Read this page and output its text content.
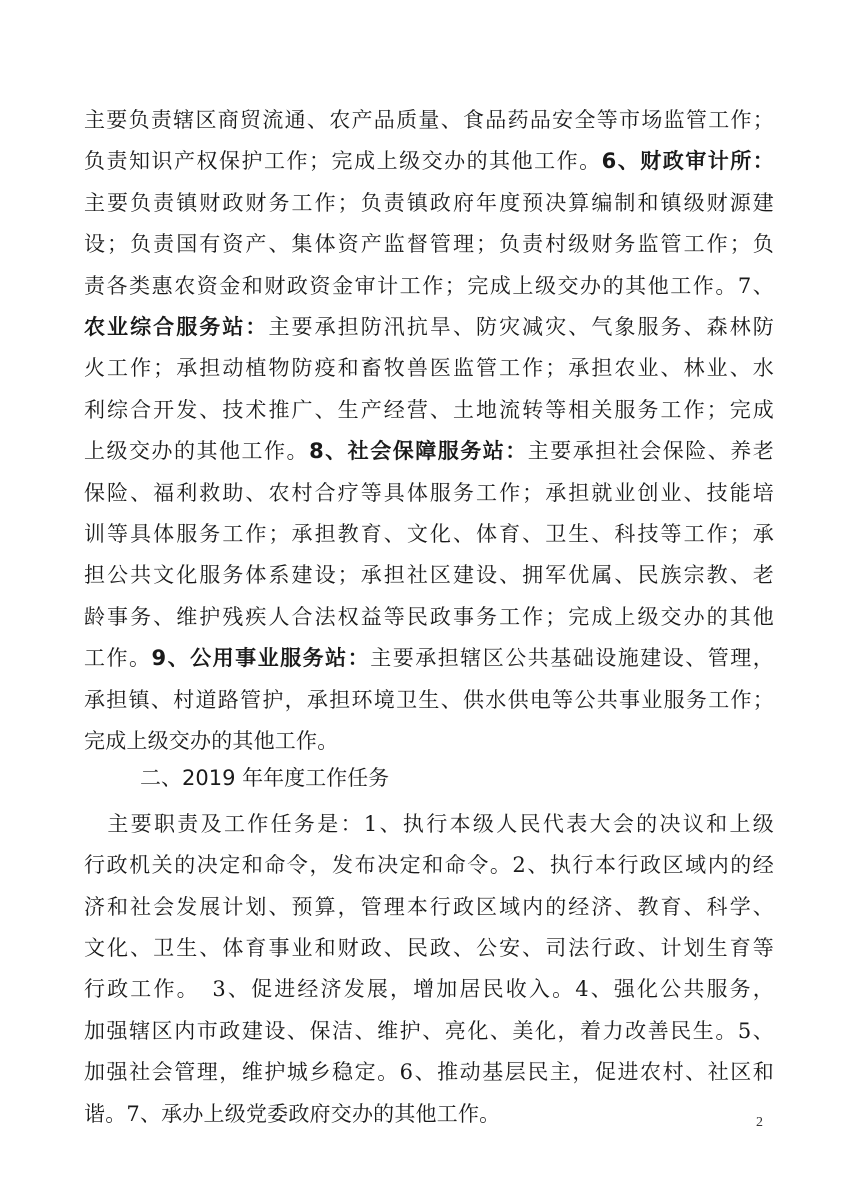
主要负责辖区商贸流通、农产品质量、食品药品安全等市场监管工作；
负责知识产权保护工作；完成上级交办的其他工作。6、财政审计所：
主要负责镇财政财务工作；负责镇政府年度预决算编制和镇级财源建
设；负责国有资产、集体资产监督管理；负责村级财务监管工作；负
责各类惠农资金和财政资金审计工作；完成上级交办的其他工作。7、
农业综合服务站：主要承担防汛抗旱、防灾减灾、气象服务、森林防
火工作；承担动植物防疫和畜牧兽医监管工作；承担农业、林业、水
利综合开发、技术推广、生产经营、土地流转等相关服务工作；完成
上级交办的其他工作。8、社会保障服务站：主要承担社会保险、养老
保险、福利救助、农村合疗等具体服务工作；承担就业创业、技能培
训等具体服务工作；承担教育、文化、体育、卫生、科技等工作；承
担公共文化服务体系建设；承担社区建设、拥军优属、民族宗教、老
龄事务、维护残疾人合法权益等民政事务工作；完成上级交办的其他
工作。9、公用事业服务站：主要承担辖区公共基础设施建设、管理，
承担镇、村道路管护，承担环境卫生、供水供电等公共事业服务工作；
完成上级交办的其他工作。
二、2019 年年度工作任务
　主要职责及工作任务是：1、执行本级人民代表大会的决议和上级
行政机关的决定和命令，发布决定和命令。2、执行本行政区域内的经
济和社会发展计划、预算，管理本行政区域内的经济、教育、科学、
文化、卫生、体育事业和财政、民政、公安、司法行政、计划生育等
行政工作。　3、促进经济发展，增加居民收入。4、强化公共服务，
加强辖区内市政建设、保洁、维护、亮化、美化，着力改善民生。5、
加强社会管理，维护城乡稳定。6、推动基层民主，促进农村、社区和
谐。7、承办上级党委政府交办的其他工作。	2
